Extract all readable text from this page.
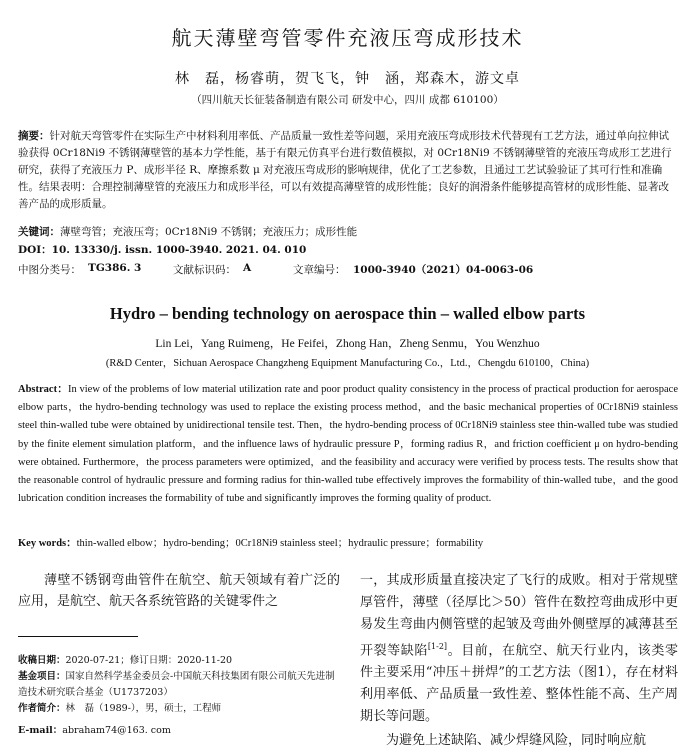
航天薄壁弯管零件充液压弯成形技术
林　磊，杨睿萌，贺飞飞，钟　涵，郑森木，游文卓
（四川航天长征装备制造有限公司 研发中心，四川 成都 610100）
摘要：针对航天弯管零件在实际生产中材料利用率低、产品质量一致性差等问题，采用充液压弯成形技术代替现有工艺方法，通过单向拉伸试验获得 0Cr18Ni9 不锈钢薄壁管的基本力学性能，基于有限元仿真平台进行数值模拟，对 0Cr18Ni9 不锈钢薄壁管的充液压弯成形工艺进行研究，获得了充液压力 P、成形半径 R、摩擦系数 μ 对充液压弯成形的影响规律，优化了工艺参数，且通过工艺试验验证了其可行性和准确性。结果表明：合理控制薄壁管的充液压力和成形半径，可以有效提高薄壁管的成形性能；良好的润滑条件能够提高管材的成形性能、显著改善产品的成形质量。
关键词：薄壁弯管；充液压弯；0Cr18Ni9 不锈钢；充液压力；成形性能
DOI：10. 13330/j. issn. 1000-3940. 2021. 04. 010
中图分类号： TG386. 3	文献标识码： A	文章编号： 1000-3940（2021）04-0063-06
Hydro – bending technology on aerospace thin – walled elbow parts
Lin Lei，Yang Ruimeng，He Feifei，Zhong Han，Zheng Senmu，You Wenzhuo
(R&D Center，Sichuan Aerospace Changzheng Equipment Manufacturing Co.，Ltd.，Chengdu 610100，China)
Abstract：In view of the problems of low material utilization rate and poor product quality consistency in the process of practical production for aerospace elbow parts，the hydro-bending technology was used to replace the existing process method，and the basic mechanical properties of 0Cr18Ni9 stainless steel thin-walled tube were obtained by unidirectional tensile test. Then，the hydro-bending process of 0Cr18Ni9 stainless stee thin-walled tube was studied by the finite element simulation platform，and the influence laws of hydraulic pressure P，forming radius R，and friction coefficient μ on hydro-bending were obtained. Furthermore，the process parameters were optimized，and the feasibility and accuracy were verified by process tests. The results show that the reasonable control of hydraulic pressure and forming radius for thin-walled tube effectively improves the formability of thin-walled tube，and the good lubrication condition increases the formability of tube and significantly improves the forming quality of product.
Key words：thin-walled elbow；hydro-bending；0Cr18Ni9 stainless steel；hydraulic pressure；formability
薄壁不锈钢弯曲管件在航空、航天领域有着广泛的应用，是航空、航天各系统管路的关键零件之

一，其成形质量直接决定了飞行的成败。相对于常规壁厚管件，薄壁（径厚比＞50）管件在数控弯曲成形中更易发生弯曲内侧管壁的起皱及弯曲外侧壁厚的减薄甚至开裂等缺陷[1-2]。目前，在航空、航天行业内，该类零件主要采用“冲压＋拼焊”的工艺方法（图1），存在材料利用率低、产品质量一致性差、整体性能不高、生产周期长等问题。

为避免上述缺陷、减少焊缝风险，同时响应航

收稿日期：2020-07-21；修订日期：2020-11-20
基金项目：国家自然科学基金委员会-中国航天科技集团有限公司航天先进制造技术研究联合基金（U1737203）
作者简介：林　磊（1989-），男，硕士，工程师
E-mail：abraham74@163. com
